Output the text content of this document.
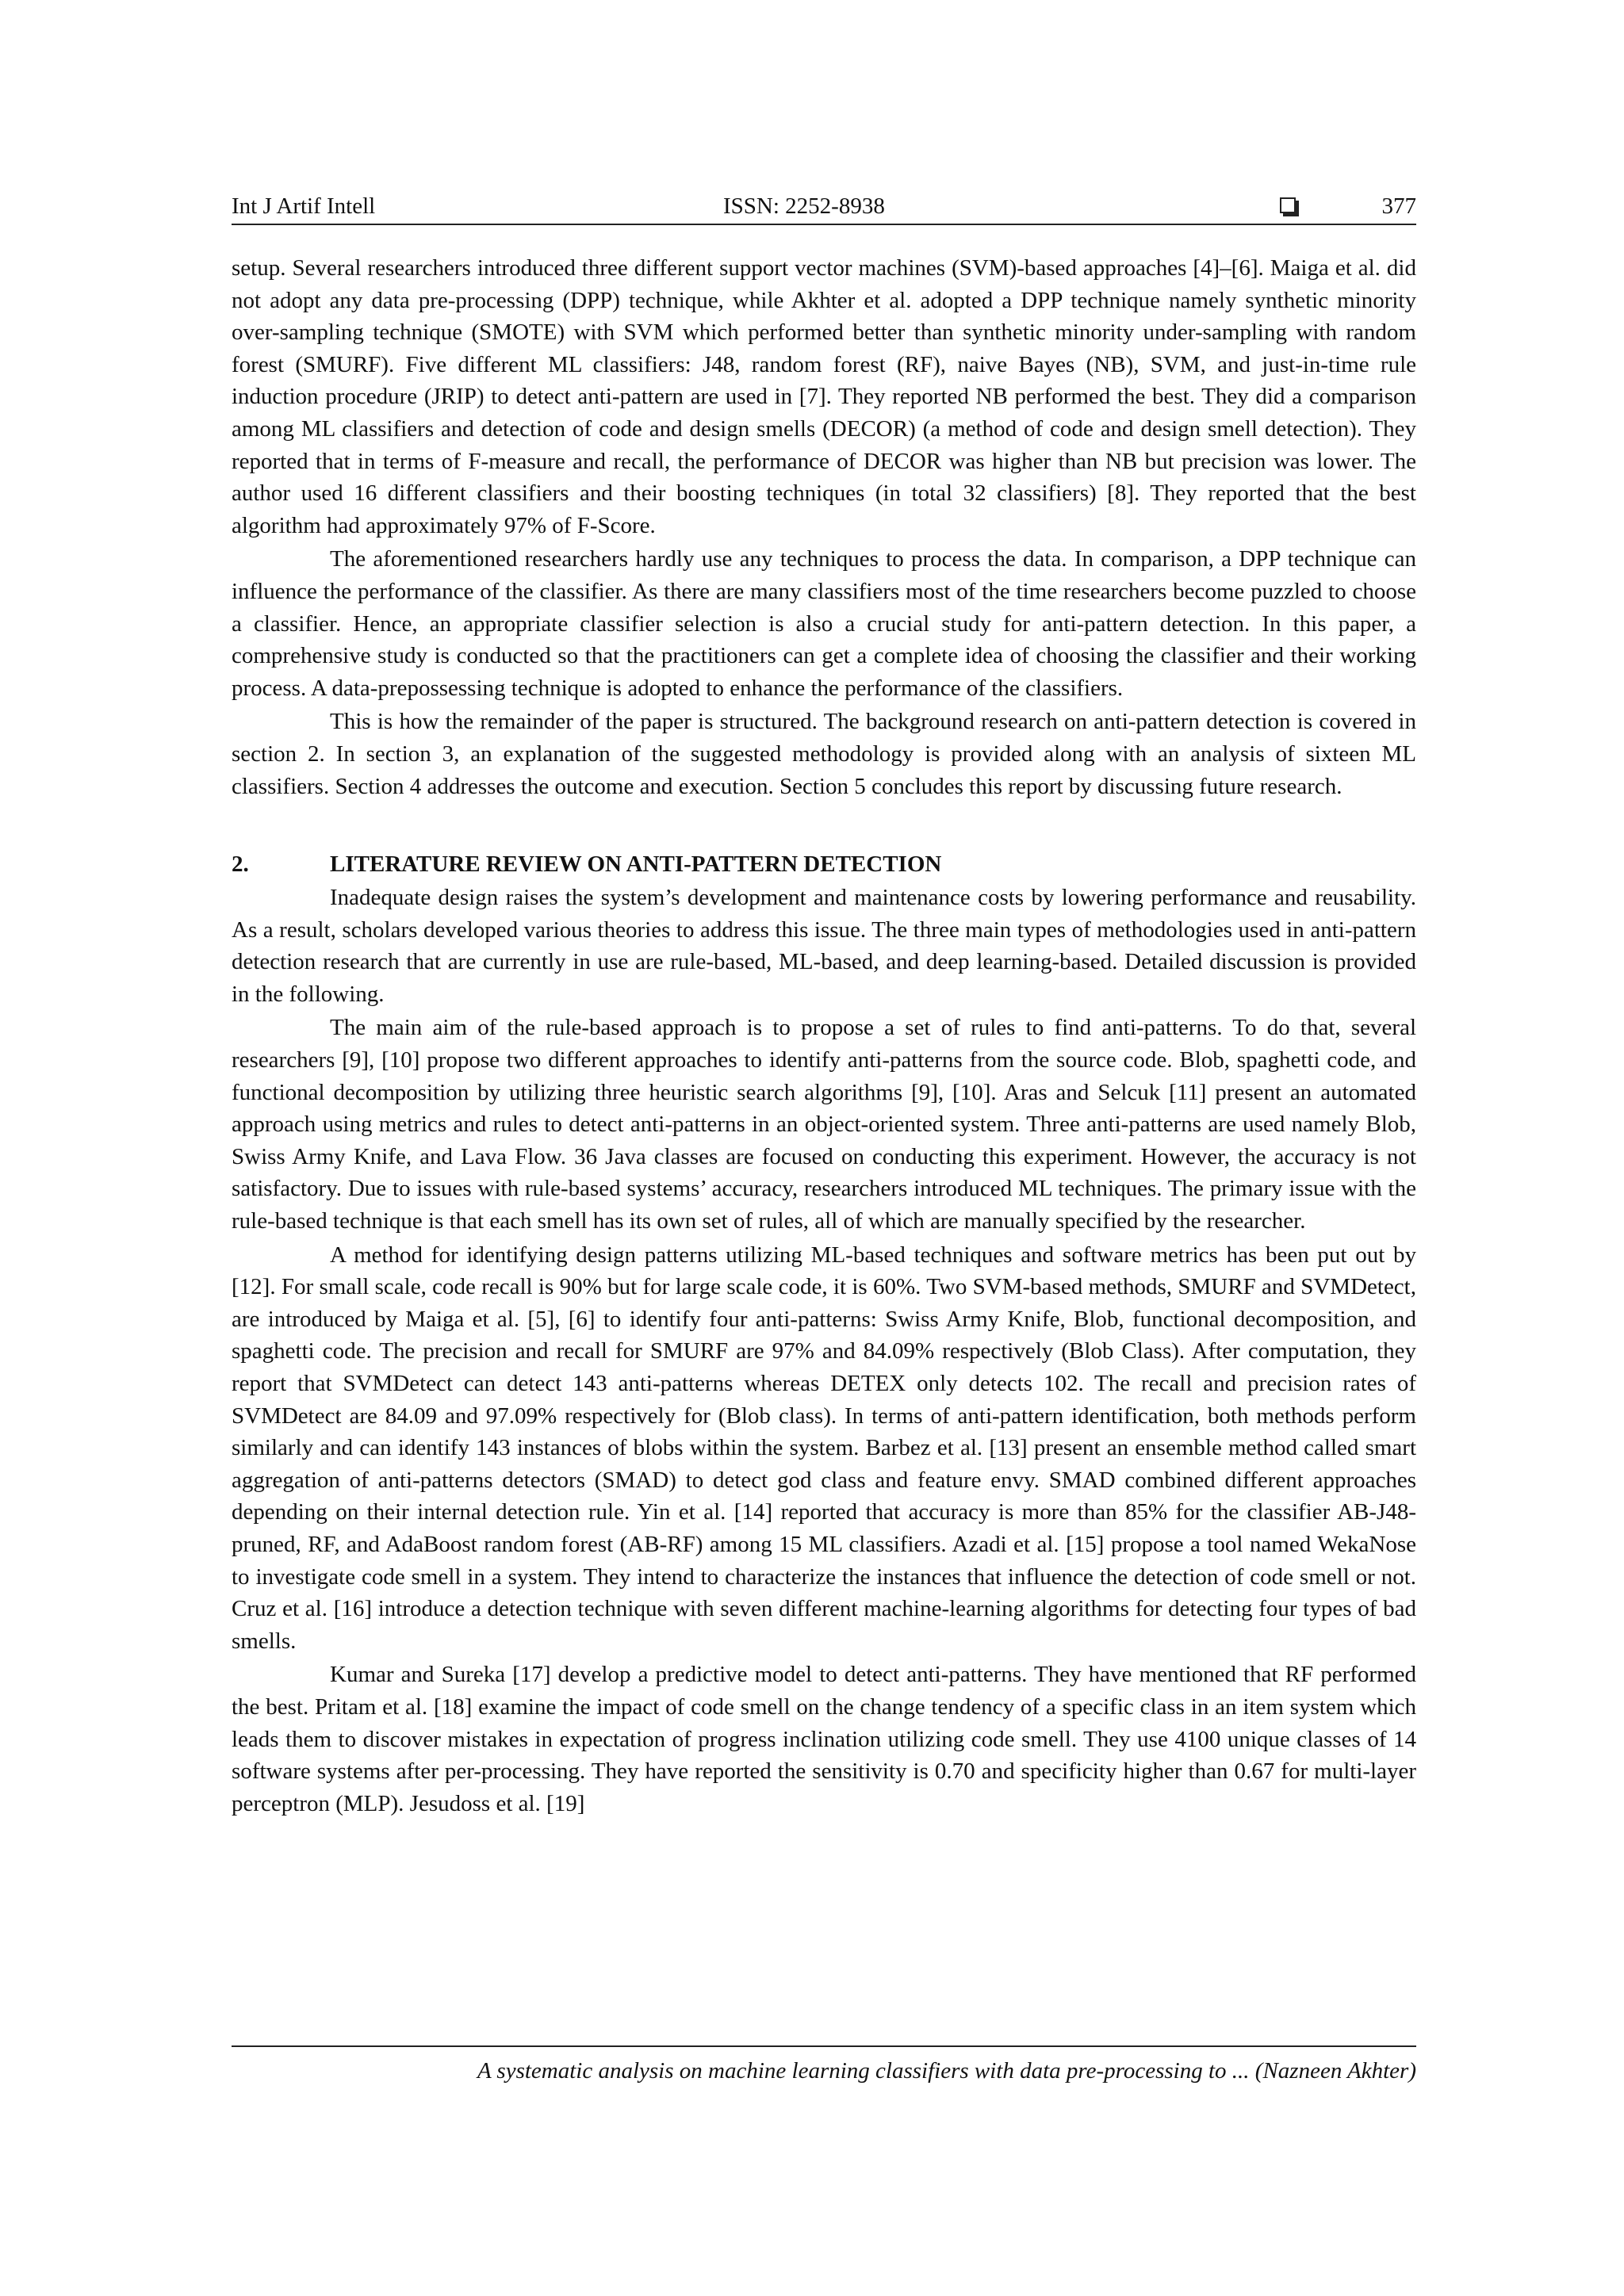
Int J Artif Intell	ISSN: 2252-8938	377

setup. Several researchers introduced three different support vector machines (SVM)-based approaches [4]–[6]. Maiga et al. did not adopt any data pre-processing (DPP) technique, while Akhter et al. adopted a DPP technique namely synthetic minority over-sampling technique (SMOTE) with SVM which performed better than synthetic minority under-sampling with random forest (SMURF). Five different ML classifiers: J48, random forest (RF), naive Bayes (NB), SVM, and just-in-time rule induction procedure (JRIP) to detect anti-pattern are used in [7]. They reported NB performed the best. They did a comparison among ML classifiers and detection of code and design smells (DECOR) (a method of code and design smell detection). They reported that in terms of F-measure and recall, the performance of DECOR was higher than NB but precision was lower. The author used 16 different classifiers and their boosting techniques (in total 32 classifiers) [8]. They reported that the best algorithm had approximately 97% of F-Score.

The aforementioned researchers hardly use any techniques to process the data. In comparison, a DPP technique can influence the performance of the classifier. As there are many classifiers most of the time researchers become puzzled to choose a classifier. Hence, an appropriate classifier selection is also a crucial study for anti-pattern detection. In this paper, a comprehensive study is conducted so that the practitioners can get a complete idea of choosing the classifier and their working process. A data-prepossessing technique is adopted to enhance the performance of the classifiers.

This is how the remainder of the paper is structured. The background research on anti-pattern detection is covered in section 2. In section 3, an explanation of the suggested methodology is provided along with an analysis of sixteen ML classifiers. Section 4 addresses the outcome and execution. Section 5 concludes this report by discussing future research.

2.	LITERATURE REVIEW ON ANTI-PATTERN DETECTION

Inadequate design raises the system’s development and maintenance costs by lowering performance and reusability. As a result, scholars developed various theories to address this issue. The three main types of methodologies used in anti-pattern detection research that are currently in use are rule-based, ML-based, and deep learning-based. Detailed discussion is provided in the following.

The main aim of the rule-based approach is to propose a set of rules to find anti-patterns. To do that, several researchers [9], [10] propose two different approaches to identify anti-patterns from the source code. Blob, spaghetti code, and functional decomposition by utilizing three heuristic search algorithms [9], [10]. Aras and Selcuk [11] present an automated approach using metrics and rules to detect anti-patterns in an object-oriented system. Three anti-patterns are used namely Blob, Swiss Army Knife, and Lava Flow. 36 Java classes are focused on conducting this experiment. However, the accuracy is not satisfactory. Due to issues with rule-based systems’ accuracy, researchers introduced ML techniques. The primary issue with the rule-based technique is that each smell has its own set of rules, all of which are manually specified by the researcher.

A method for identifying design patterns utilizing ML-based techniques and software metrics has been put out by [12]. For small scale, code recall is 90% but for large scale code, it is 60%. Two SVM-based methods, SMURF and SVMDetect, are introduced by Maiga et al. [5], [6] to identify four anti-patterns: Swiss Army Knife, Blob, functional decomposition, and spaghetti code. The precision and recall for SMURF are 97% and 84.09% respectively (Blob Class). After computation, they report that SVMDetect can detect 143 anti-patterns whereas DETEX only detects 102. The recall and precision rates of SVMDetect are 84.09 and 97.09% respectively for (Blob class). In terms of anti-pattern identification, both methods perform similarly and can identify 143 instances of blobs within the system. Barbez et al. [13] present an ensemble method called smart aggregation of anti-patterns detectors (SMAD) to detect god class and feature envy. SMAD combined different approaches depending on their internal detection rule. Yin et al. [14] reported that accuracy is more than 85% for the classifier AB-J48-pruned, RF, and AdaBoost random forest (AB-RF) among 15 ML classifiers. Azadi et al. [15] propose a tool named WekaNose to investigate code smell in a system. They intend to characterize the instances that influence the detection of code smell or not. Cruz et al. [16] introduce a detection technique with seven different machine-learning algorithms for detecting four types of bad smells.

Kumar and Sureka [17] develop a predictive model to detect anti-patterns. They have mentioned that RF performed the best. Pritam et al. [18] examine the impact of code smell on the change tendency of a specific class in an item system which leads them to discover mistakes in expectation of progress inclination utilizing code smell. They use 4100 unique classes of 14 software systems after per-processing. They have reported the sensitivity is 0.70 and specificity higher than 0.67 for multi-layer perceptron (MLP). Jesudoss et al. [19]

A systematic analysis on machine learning classifiers with data pre-processing to ... (Nazneen Akhter)
